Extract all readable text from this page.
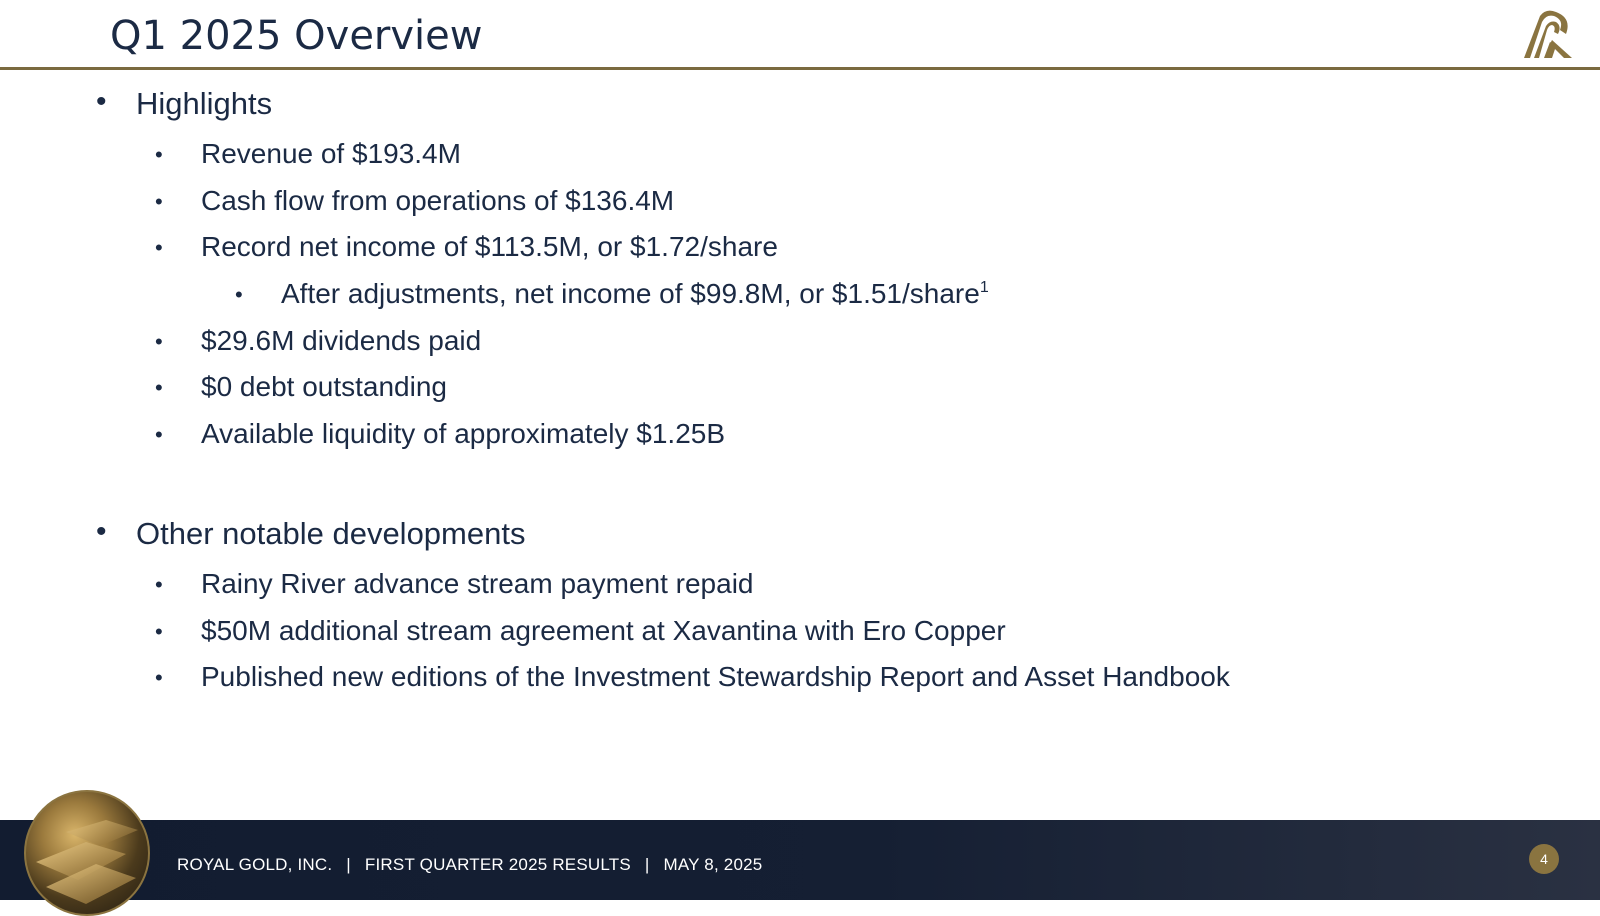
Q1 2025 Overview
• Highlights
• Revenue of $193.4M
• Cash flow from operations of $136.4M
• Record net income of $113.5M, or $1.72/share
• After adjustments, net income of $99.8M, or $1.51/share$^1$
• $29.6M dividends paid
• $0 debt outstanding
• Available liquidity of approximately $1.25B
• Other notable developments
• Rainy River advance stream payment repaid
• $50M additional stream agreement at Xavantina with Ero Copper
• Published new editions of the Investment Stewardship Report and Asset Handbook
ROYAL GOLD, INC. | FIRST QUARTER 2025 RESULTS | MAY 8, 2025	4
